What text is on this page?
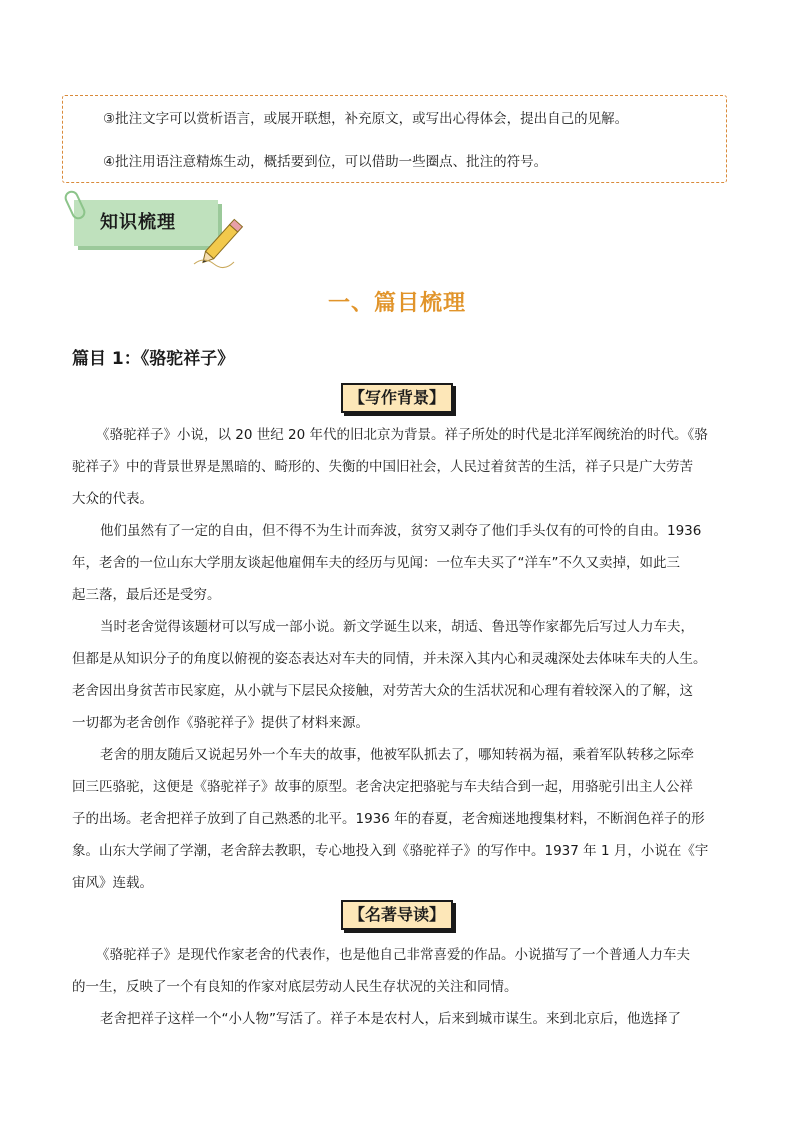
③批注文字可以赏析语言，或展开联想，补充原文，或写出心得体会，提出自己的见解。
④批注用语注意精炼生动，概括要到位，可以借助一些圈点、批注的符号。
知识梳理
一、篇目梳理
篇目 1：《骆驼祥子》
【写作背景】
《骆驼祥子》小说，以 20 世纪 20 年代的旧北京为背景。祥子所处的时代是北洋军阀统治的时代。《骆
驼祥子》中的背景世界是黑暗的、畸形的、失衡的中国旧社会，人民过着贫苦的生活，祥子只是广大劳苦
大众的代表。
他们虽然有了一定的自由，但不得不为生计而奔波，贫穷又剥夺了他们手头仅有的可怜的自由。1936
年，老舍的一位山东大学朋友谈起他雇佣车夫的经历与见闻：一位车夫买了“洋车”不久又卖掉，如此三
起三落，最后还是受穷。
当时老舍觉得该题材可以写成一部小说。新文学诞生以来，胡适、鲁迅等作家都先后写过人力车夫，
但都是从知识分子的角度以俯视的姿态表达对车夫的同情，并未深入其内心和灵魂深处去体味车夫的人生。
老舍因出身贫苦市民家庭，从小就与下层民众接触，对劳苦大众的生活状况和心理有着较深入的了解，这
一切都为老舍创作《骆驼祥子》提供了材料来源。
老舍的朋友随后又说起另外一个车夫的故事，他被军队抓去了，哪知转祸为福，乘着军队转移之际牵
回三匹骆驼，这便是《骆驼祥子》故事的原型。老舍决定把骆驼与车夫结合到一起，用骆驼引出主人公祥
子的出场。老舍把祥子放到了自己熟悉的北平。1936 年的春夏，老舍痴迷地搜集材料，不断润色祥子的形
象。山东大学闹了学潮，老舍辞去教职，专心地投入到《骆驼祥子》的写作中。1937 年 1 月，小说在《宇
宙风》连载。
【名著导读】
《骆驼祥子》是现代作家老舍的代表作，也是他自己非常喜爱的作品。小说描写了一个普通人力车夫
的一生，反映了一个有良知的作家对底层劳动人民生存状况的关注和同情。
老舍把祥子这样一个“小人物”写活了。祥子本是农村人，后来到城市谋生。来到北京后，他选择了
